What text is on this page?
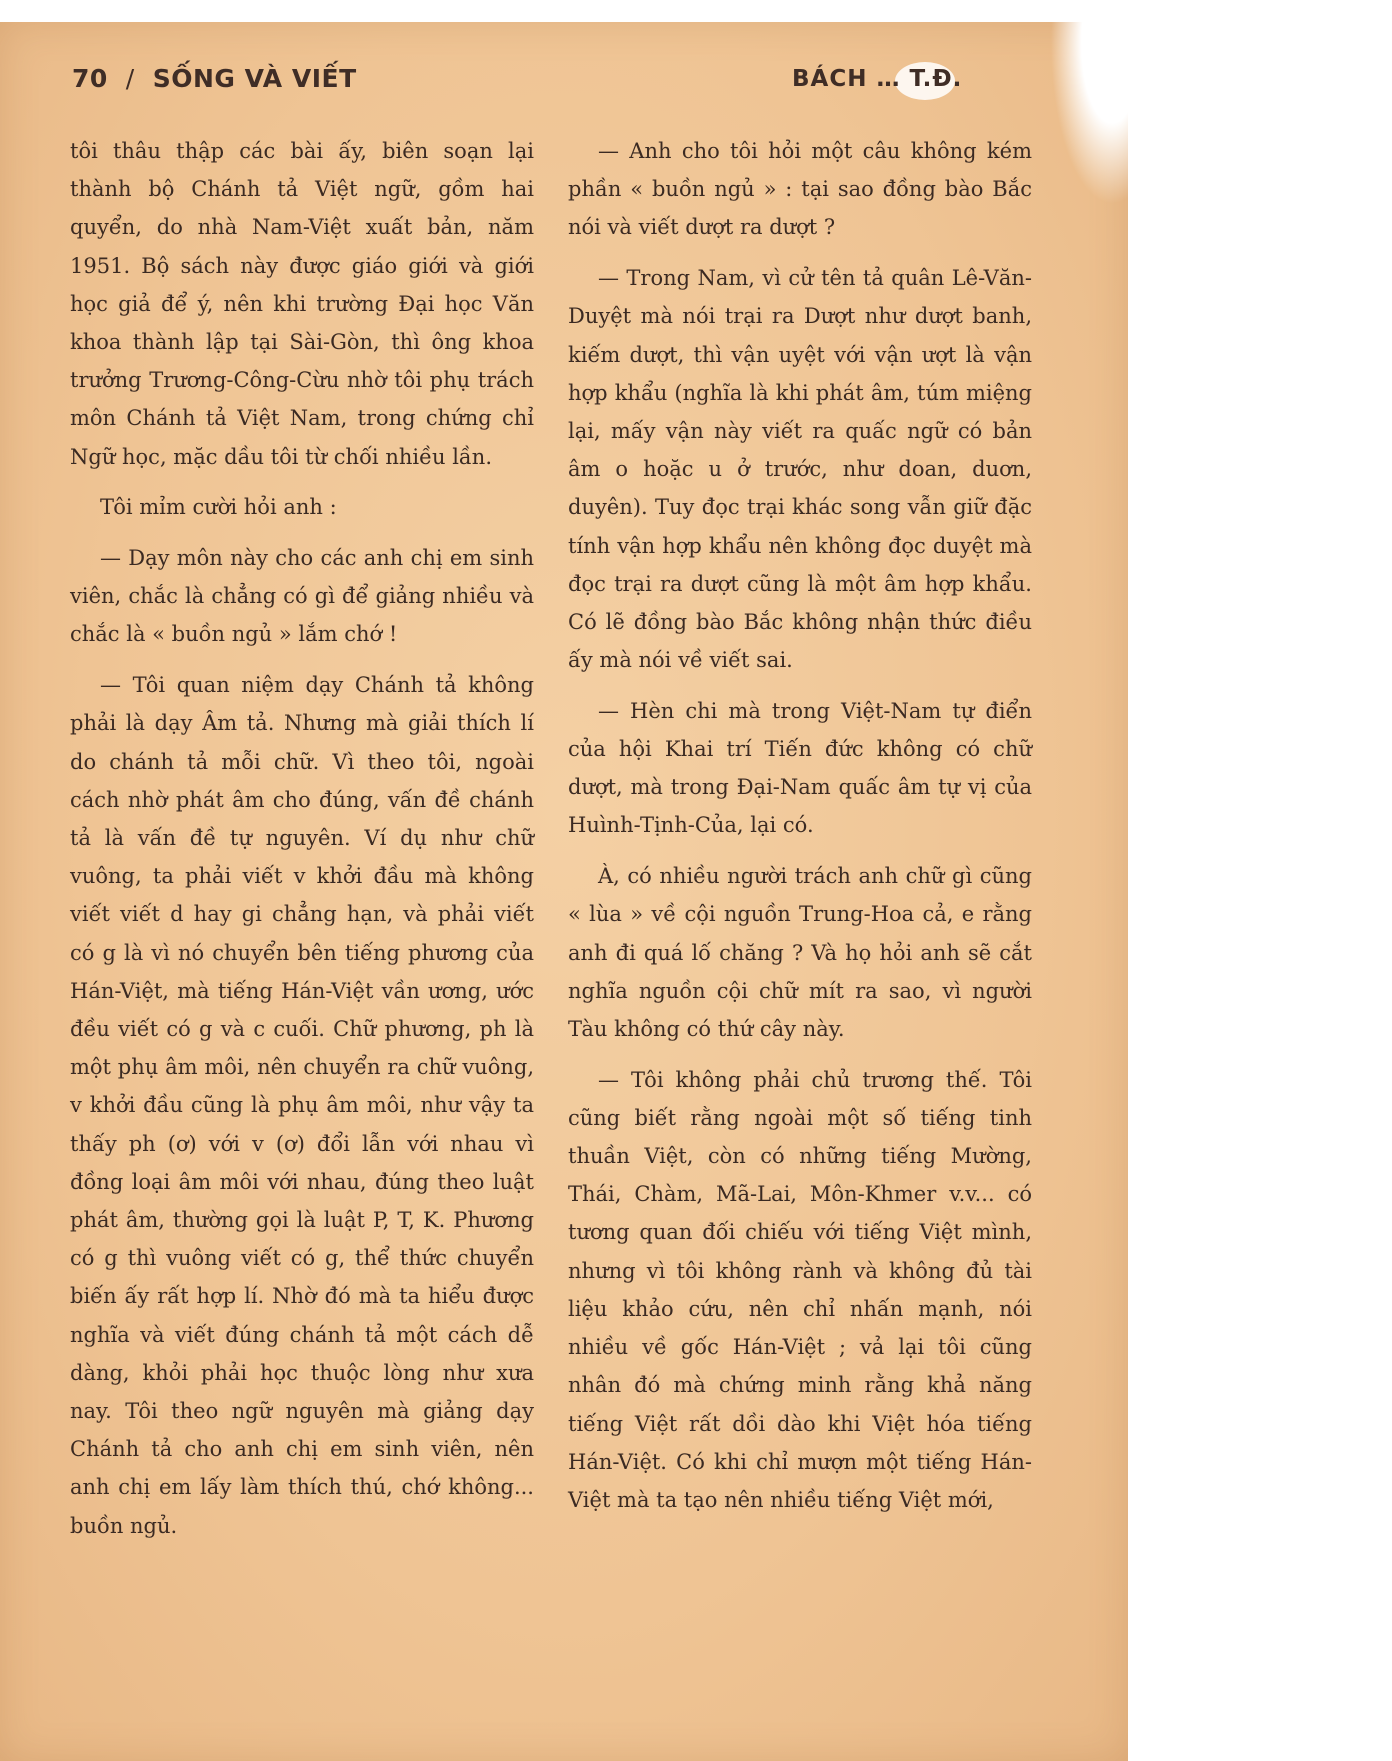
70 / SỐNG VÀ VIẾT	BÁCH … T.Đ.

tôi thâu thập các bài ấy, biên soạn lại thành bộ Chánh tả Việt ngữ, gồm hai quyển, do nhà Nam-Việt xuất bản, năm 1951. Bộ sách này được giáo giới và giới học giả để ý, nên khi trường Đại học Văn khoa thành lập tại Sài-Gòn, thì ông khoa trưởng Trương-Công-Cừu nhờ tôi phụ trách môn Chánh tả Việt Nam, trong chứng chỉ Ngữ học, mặc dầu tôi từ chối nhiều lần.

Tôi mỉm cười hỏi anh :

— Dạy môn này cho các anh chị em sinh viên, chắc là chẳng có gì để giảng nhiều và chắc là « buồn ngủ » lắm chớ !

— Tôi quan niệm dạy Chánh tả không phải là dạy Âm tả. Nhưng mà giải thích lí do chánh tả mỗi chữ. Vì theo tôi, ngoài cách nhờ phát âm cho đúng, vấn đề chánh tả là vấn đề tự nguyên. Ví dụ như chữ vuông, ta phải viết v khởi đầu mà không viết viết d hay gi chẳng hạn, và phải viết có g là vì nó chuyển bên tiếng phương của Hán-Việt, mà tiếng Hán-Việt vần ương, ước đều viết có g và c cuối. Chữ phương, ph là một phụ âm môi, nên chuyển ra chữ vuông, v khởi đầu cũng là phụ âm môi, như vậy ta thấy ph (ơ) với v (ơ) đổi lẫn với nhau vì đồng loại âm môi với nhau, đúng theo luật phát âm, thường gọi là luật P, T, K. Phương có g thì vuông viết có g, thể thức chuyển biến ấy rất hợp lí. Nhờ đó mà ta hiểu được nghĩa và viết đúng chánh tả một cách dễ dàng, khỏi phải học thuộc lòng như xưa nay. Tôi theo ngữ nguyên mà giảng dạy Chánh tả cho anh chị em sinh viên, nên anh chị em lấy làm thích thú, chớ không... buồn ngủ.

— Anh cho tôi hỏi một câu không kém phần « buồn ngủ » : tại sao đồng bào Bắc nói và viết dượt ra dượt ?

— Trong Nam, vì cử tên tả quân Lê-Văn-Duyệt mà nói trại ra Dượt như dượt banh, kiếm dượt, thì vận uyệt với vận ượt là vận hợp khẩu (nghĩa là khi phát âm, túm miệng lại, mấy vận này viết ra quấc ngữ có bản âm o hoặc u ở trước, như doan, duơn, duyên). Tuy đọc trại khác song vẫn giữ đặc tính vận hợp khẩu nên không đọc duyệt mà đọc trại ra dượt cũng là một âm hợp khẩu. Có lẽ đồng bào Bắc không nhận thức điều ấy mà nói về viết sai.

— Hèn chi mà trong Việt-Nam tự điển của hội Khai trí Tiến đức không có chữ dượt, mà trong Đại-Nam quấc âm tự vị của Huình-Tịnh-Của, lại có.

À, có nhiều người trách anh chữ gì cũng « lùa » về cội nguồn Trung-Hoa cả, e rằng anh đi quá lố chăng ? Và họ hỏi anh sẽ cắt nghĩa nguồn cội chữ mít ra sao, vì người Tàu không có thứ cây này.

— Tôi không phải chủ trương thế. Tôi cũng biết rằng ngoài một số tiếng tinh thuần Việt, còn có những tiếng Mường, Thái, Chàm, Mã-Lai, Môn-Khmer v.v... có tương quan đối chiếu với tiếng Việt mình, nhưng vì tôi không rành và không đủ tài liệu khảo cứu, nên chỉ nhấn mạnh, nói nhiều về gốc Hán-Việt ; vả lại tôi cũng nhân đó mà chứng minh rằng khả năng tiếng Việt rất dồi dào khi Việt hóa tiếng Hán-Việt. Có khi chỉ mượn một tiếng Hán-Việt mà ta tạo nên nhiều tiếng Việt mới,
